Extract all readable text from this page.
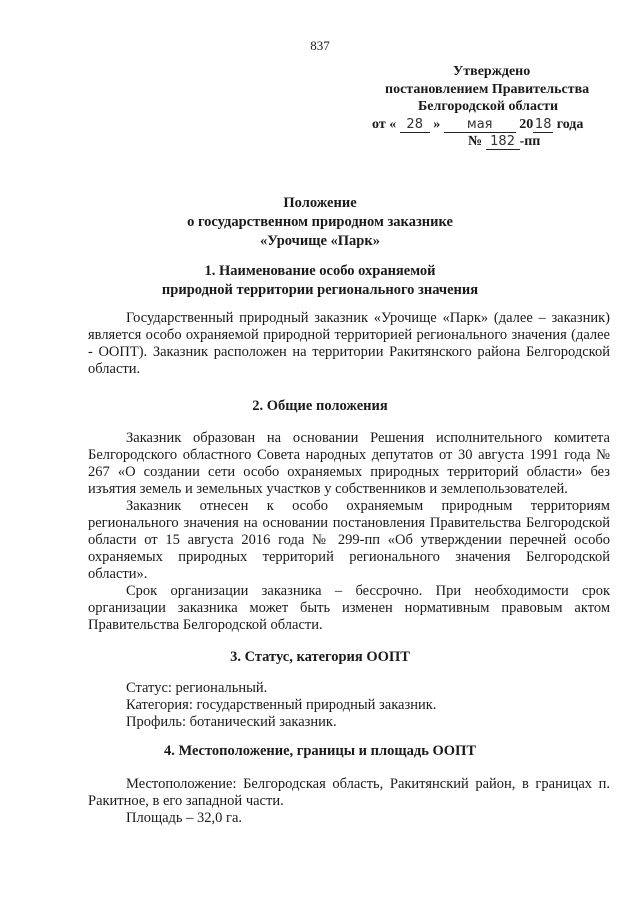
837
Утверждено
постановлением Правительства
Белгородской области
от « 28 » мая 20 18 года
№ 182 -пп
Положение
о государственном природном заказнике
«Урочище «Парк»
1. Наименование особо охраняемой
природной территории регионального значения

Государственный природный заказник «Урочище «Парк» (далее – заказник) является особо охраняемой природной территорией регионального значения (далее - ООПТ). Заказник расположен на территории Ракитянского района Белгородской области.

2. Общие положения

Заказник образован на основании Решения исполнительного комитета Белгородского областного Совета народных депутатов от 30 августа 1991 года № 267 «О создании сети особо охраняемых природных территорий области» без изъятия земель и земельных участков у собственников и землепользователей.

Заказник отнесен к особо охраняемым природным территориям регионального значения на основании постановления Правительства Белгородской области от 15 августа 2016 года № 299-пп «Об утверждении перечней особо охраняемых природных территорий регионального значения Белгородской области».

Срок организации заказника – бессрочно. При необходимости срок организации заказника может быть изменен нормативным правовым актом Правительства Белгородской области.

3. Статус, категория ООПТ
Статус: региональный.
Категория: государственный природный заказник.
Профиль: ботанический заказник.
4. Местоположение, границы и площадь ООПТ

Местоположение: Белгородская область, Ракитянский район, в границах п. Ракитное, в его западной части.

Площадь – 32,0 га.
